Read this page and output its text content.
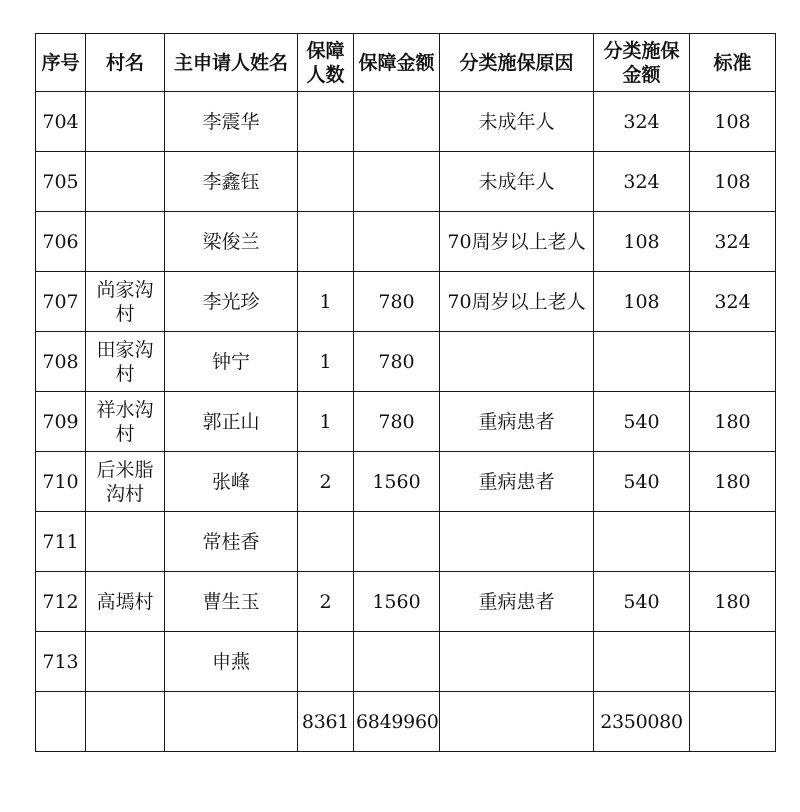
序号	村名	主申请人姓名	保障人数	保障金额	分类施保原因	分类施保金额	标准
704		李震华			未成年人	324	108
705		李鑫钰			未成年人	324	108
706		梁俊兰			70周岁以上老人	108	324
707	尚家沟村	李光珍	1	780	70周岁以上老人	108	324
708	田家沟村	钟宁	1	780			
709	祥水沟村	郭正山	1	780	重病患者	540	180
710	后米脂沟村	张峰	2	1560	重病患者	540	180
711		常桂香					
712	高墕村	曹生玉	2	1560	重病患者	540	180
713		申燕					
			8361	6849960		2350080	
